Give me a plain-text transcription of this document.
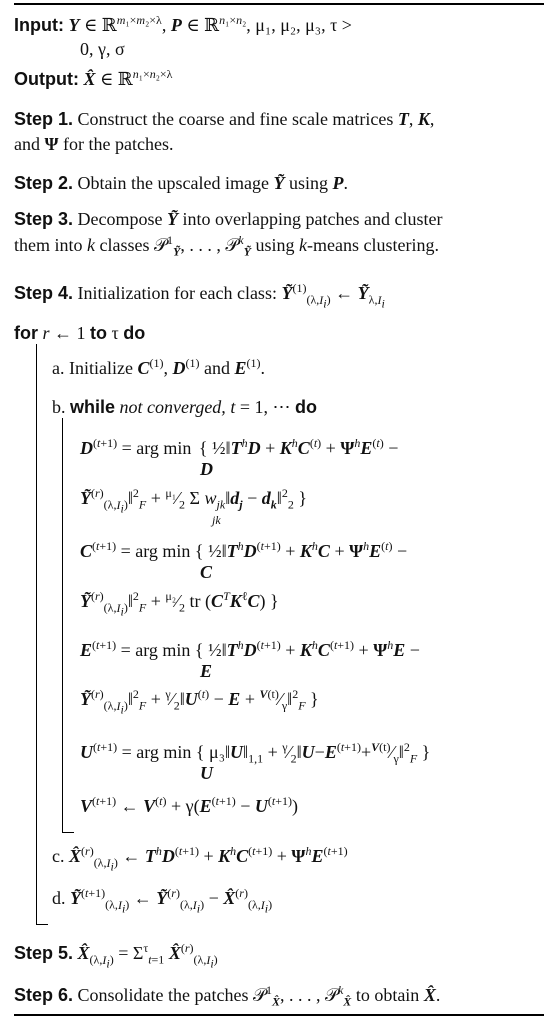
Input: Y ∈ ℝ$^{m_1\times m_2\times\lambda}$, P ∈ ℝ$^{n_1\times n_2}$, μ₁, μ₂, μ₃, τ >
0, γ, σ
Output: X̂ ∈ ℝ$^{n_1\times n_2\times\lambda}$
Step 1. Construct the coarse and fine scale matrices T, K,
and Ψ for the patches.
Step 2. Obtain the upscaled image Ỹ using P.
Step 3. Decompose Ỹ into overlapping patches and cluster
them into k classes 𝒫$^1_Ỹ$, . . . , 𝒫$^k_Ỹ$ using k-means clustering.
Step 4. Initialization for each class: Ỹ$^{(1)}_{(\lambda,I_i)}$ ← Ỹ$_{\lambda,I_i}$
for r ← 1 to τ do
a. Initialize $C^{(1)}$, $D^{(1)}$ and $E^{(1)}$.
b. while not converged, t = 1, ⋯ do
$D^{(t+1)}$ = arg min  { $\frac{1}{2}‖T^hD + K^hC^{(t)} + \Psi^hE^{(t)}$ −
D
Ỹ$^{(r)}_{(\lambda,I_i)}$‖$^2_F$ + $^{\mu_1}⁄_2$ Σ $w_{jk}‖d_j$ − $d_k‖^2_2$ }
jk
$C^{(t+1)}$ = arg min { $\frac{1}{2}‖T^hD^{(t+1)} + K^hC + \Psi^hE^{(t)}$ −
C
Ỹ$^{(r)}_{(\lambda,I_i)}$‖$^2_F$ + $^{\mu_2}⁄_2$ tr $(C^TK^\ell C)$ }
$E^{(t+1)}$ = arg min { $\frac{1}{2}‖T^hD^{(t+1)} + K^hC^{(t+1)} + \Psi^hE$ −
E
Ỹ$^{(r)}_{(\lambda,I_i)}$‖$^2_F$ + $^\gamma⁄_2‖U^{(t)} - E$ + $^{V(t)}⁄_\gamma‖^2_F$ }
$U^{(t+1)}$ = arg min { $\mu_3‖U‖_{1,1}$ + $^\gamma⁄_2‖U-E^{(t+1)}+^{V(t)}⁄_\gamma‖^2_F$ }
U
$V^{(t+1)}$ ← $V^{(t)} + \gamma(E^{(t+1)} - U^{(t+1)})$
c. X̂$^{(r)}_{(\lambda,I_i)}$ ← $T^hD^{(t+1)} + K^hC^{(t+1)} + \Psi^hE^{(t+1)}$
d. Ỹ$^{(t+1)}_{(\lambda,I_i)}$ ← Ỹ$^{(r)}_{(\lambda,I_i)}$ − X̂$^{(r)}_{(\lambda,I_i)}$
Step 5. $X̂_{(\lambda,I_i)} = \Sigma^\tau_{t=1}$ X̂$^{(r)}_{(\lambda,I_i)}$
Step 6. Consolidate the patches 𝒫$^1_{X̂}$, . . . , 𝒫$^k_{X̂}$ to obtain X̂.
